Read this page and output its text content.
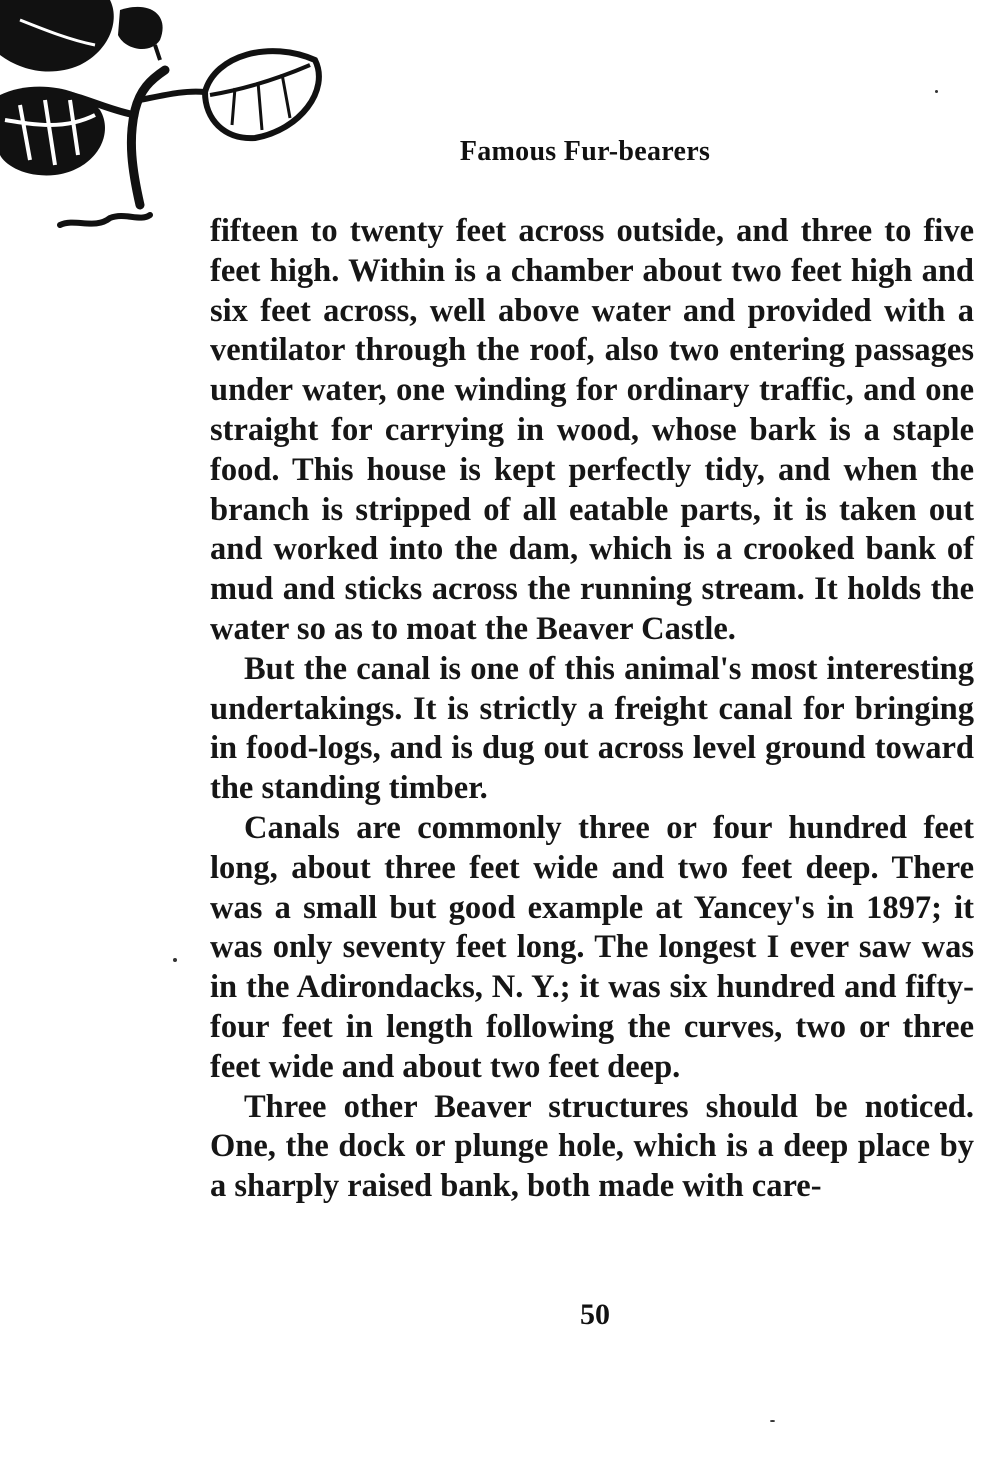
Famous Fur-bearers

fifteen to twenty feet across outside, and three to five feet high. Within is a chamber about two feet high and six feet across, well above water and provided with a ventilator through the roof, also two entering passages under water, one winding for ordinary traffic, and one straight for carrying in wood, whose bark is a staple food. This house is kept perfectly tidy, and when the branch is stripped of all eatable parts, it is taken out and worked into the dam, which is a crooked bank of mud and sticks across the running stream. It holds the water so as to moat the Beaver Castle.

But the canal is one of this animal's most interesting undertakings. It is strictly a freight canal for bringing in food-logs, and is dug out across level ground toward the standing timber.

Canals are commonly three or four hundred feet long, about three feet wide and two feet deep. There was a small but good example at Yancey's in 1897; it was only seventy feet long. The longest I ever saw was in the Adirondacks, N. Y.; it was six hundred and fifty-four feet in length following the curves, two or three feet wide and about two feet deep.

Three other Beaver structures should be noticed. One, the dock or plunge hole, which is a deep place by a sharply raised bank, both made with care-

50
